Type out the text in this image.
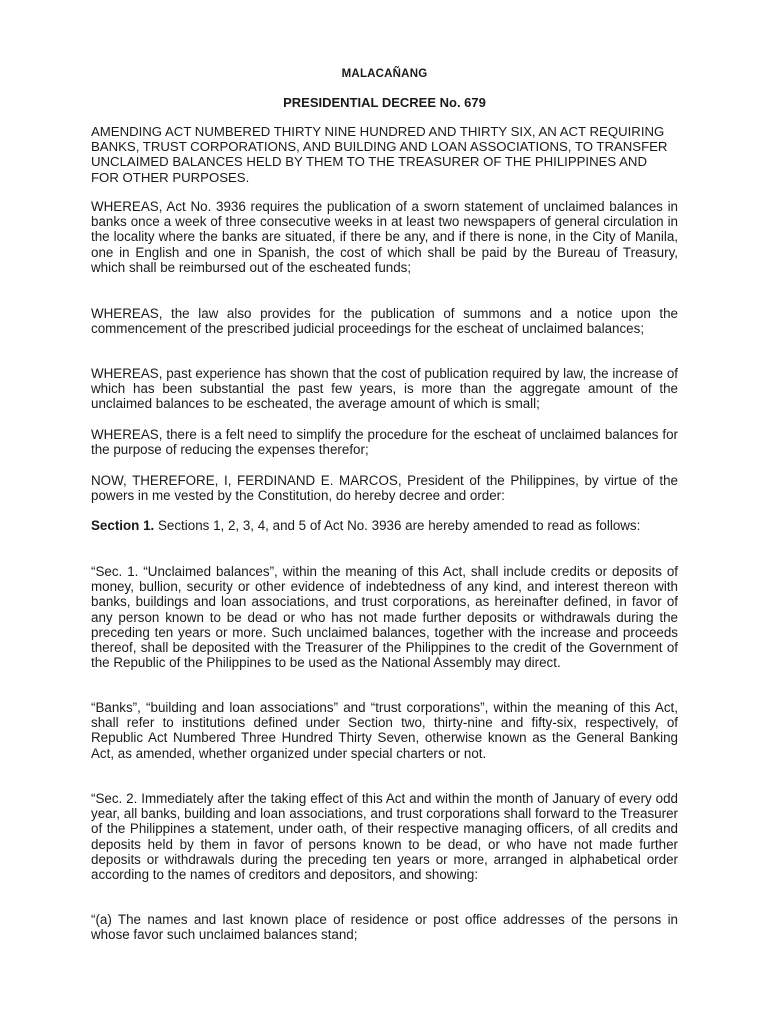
MALACAÑANG
PRESIDENTIAL DECREE No. 679

AMENDING ACT NUMBERED THIRTY NINE HUNDRED AND THIRTY SIX, AN ACT REQUIRING BANKS, TRUST CORPORATIONS, AND BUILDING AND LOAN ASSOCIATIONS, TO TRANSFER UNCLAIMED BALANCES HELD BY THEM TO THE TREASURER OF THE PHILIPPINES AND FOR OTHER PURPOSES.

WHEREAS, Act No. 3936 requires the publication of a sworn statement of unclaimed balances in banks once a week of three consecutive weeks in at least two newspapers of general circulation in the locality where the banks are situated, if there be any, and if there is none, in the City of Manila, one in English and one in Spanish, the cost of which shall be paid by the Bureau of Treasury, which shall be reimbursed out of the escheated funds;

WHEREAS, the law also provides for the publication of summons and a notice upon the commencement of the prescribed judicial proceedings for the escheat of unclaimed balances;

WHEREAS, past experience has shown that the cost of publication required by law, the increase of which has been substantial the past few years, is more than the aggregate amount of the unclaimed balances to be escheated, the average amount of which is small;

WHEREAS, there is a felt need to simplify the procedure for the escheat of unclaimed balances for the purpose of reducing the expenses therefor;

NOW, THEREFORE, I, FERDINAND E. MARCOS, President of the Philippines, by virtue of the powers in me vested by the Constitution, do hereby decree and order:

Section 1. Sections 1, 2, 3, 4, and 5 of Act No. 3936 are hereby amended to read as follows:

“Sec. 1. “Unclaimed balances”, within the meaning of this Act, shall include credits or deposits of money, bullion, security or other evidence of indebtedness of any kind, and interest thereon with banks, buildings and loan associations, and trust corporations, as hereinafter defined, in favor of any person known to be dead or who has not made further deposits or withdrawals during the preceding ten years or more. Such unclaimed balances, together with the increase and proceeds thereof, shall be deposited with the Treasurer of the Philippines to the credit of the Government of the Republic of the Philippines to be used as the National Assembly may direct.

“Banks”, “building and loan associations” and “trust corporations”, within the meaning of this Act, shall refer to institutions defined under Section two, thirty-nine and fifty-six, respectively, of Republic Act Numbered Three Hundred Thirty Seven, otherwise known as the General Banking Act, as amended, whether organized under special charters or not.

“Sec. 2. Immediately after the taking effect of this Act and within the month of January of every odd year, all banks, building and loan associations, and trust corporations shall forward to the Treasurer of the Philippines a statement, under oath, of their respective managing officers, of all credits and deposits held by them in favor of persons known to be dead, or who have not made further deposits or withdrawals during the preceding ten years or more, arranged in alphabetical order according to the names of creditors and depositors, and showing:

“(a) The names and last known place of residence or post office addresses of the persons in whose favor such unclaimed balances stand;
